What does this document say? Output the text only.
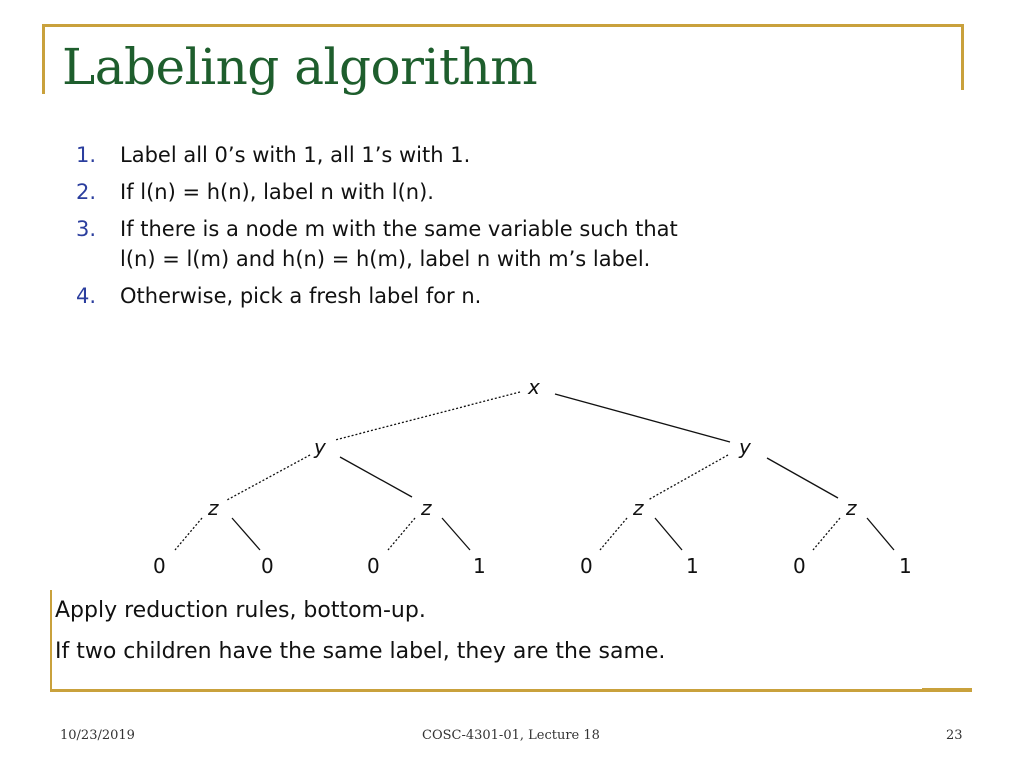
Labeling algorithm
1.	Label all 0’s with 1, all 1’s with 1.
2.	If l(n) = h(n), label n with l(n).
3.	If there is a node m with the same variable such that
l(n) = l(m) and h(n) = h(m), label n with m’s label.
4.	Otherwise, pick a fresh label for n.
x
y	y
z	z	z	z
0	0	0	1	0	1	0	1

Apply reduction rules, bottom-up.

If two children have the same label, they are the same.

10/23/2019	COSC-4301-01, Lecture 18	23
